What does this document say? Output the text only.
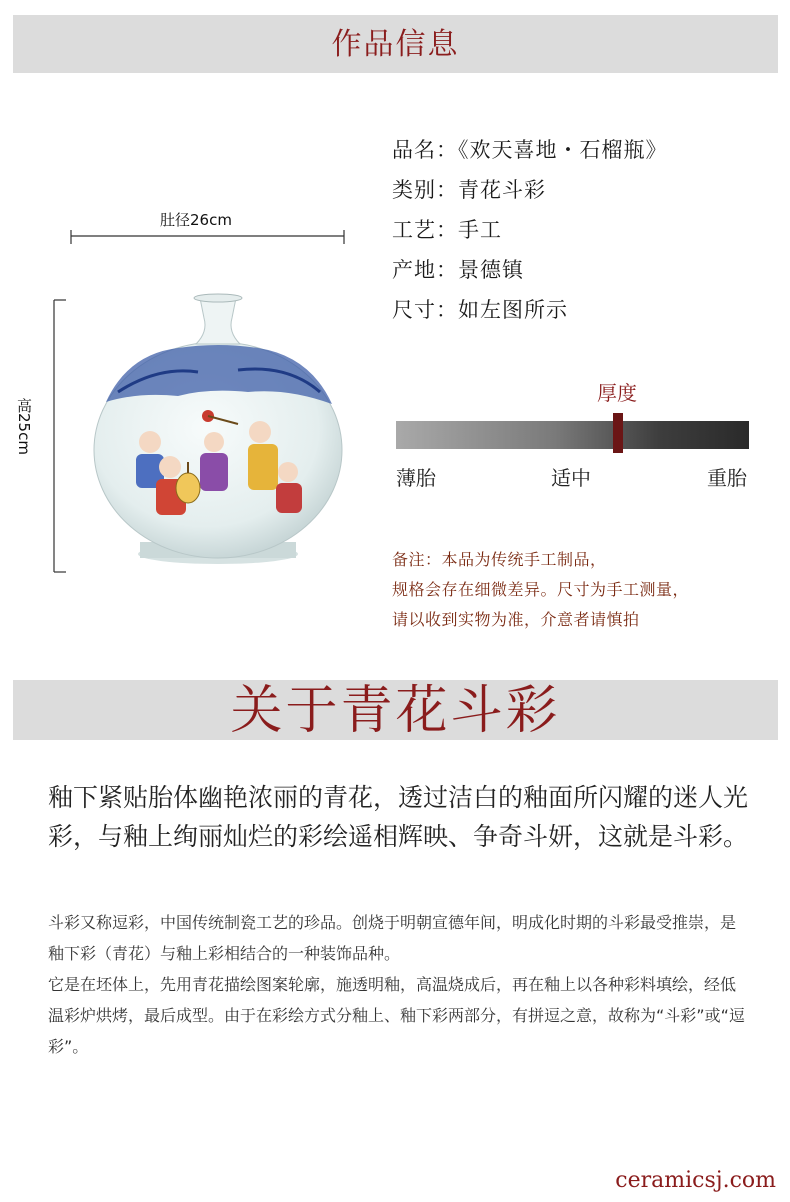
作品信息
品名：《欢天喜地・石榴瓶》
类别：青花斗彩
工艺：手工
产地：景德镇
尺寸：如左图所示
肚径26cm
高25cm
厚度
薄胎	适中	重胎
备注：本品为传统手工制品，
规格会存在细微差异。尺寸为手工测量，
请以收到实物为准，介意者请慎拍
关于青花斗彩
釉下紧贴胎体幽艳浓丽的青花，透过洁白的釉面所闪耀的迷人光彩，与釉上绚丽灿烂的彩绘遥相辉映、争奇斗妍，这就是斗彩。

斗彩又称逗彩，中国传统制瓷工艺的珍品。创烧于明朝宣德年间，明成化时期的斗彩最受推崇，是釉下彩（青花）与釉上彩相结合的一种装饰品种。

它是在坯体上，先用青花描绘图案轮廓，施透明釉，高温烧成后，再在釉上以各种彩料填绘，经低温彩炉烘烤，最后成型。由于在彩绘方式分釉上、釉下彩两部分，有拼逗之意，故称为“斗彩”或“逗彩”。

ceramicsj.com
